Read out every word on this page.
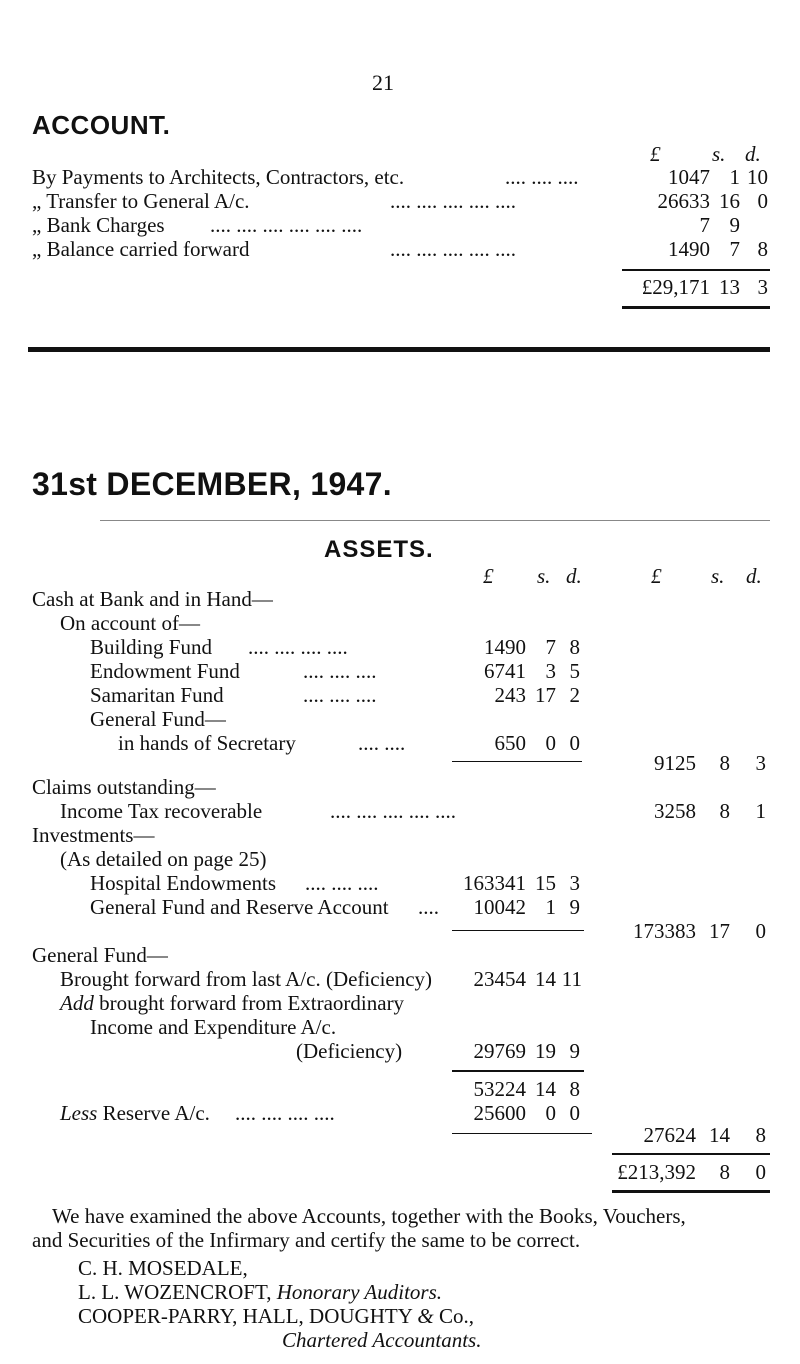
21
ACCOUNT.
£ s. d.
By Payments to Architects, Contractors, etc.	.... .... ....	1047 1 10
„ Transfer to General A/c.	.... .... .... .... ....	26633 16 0
„ Bank Charges .... .... .... .... .... ....	7 9
„ Balance carried forward	.... .... .... .... ....	1490 7 8
£29,171 13 3
31st DECEMBER, 1947.
ASSETS.
£ s. d.	£ s. d.
Cash at Bank and in Hand—
On account of—
Building Fund .... .... .... ....	1490 7 8
Endowment Fund	.... .... ....	6741 3 5
Samaritan Fund	.... .... ....	243 17 2
General Fund—
in hands of Secretary	.... ....	650 0 0
9125	8	3
Claims outstanding—
Income Tax recoverable	.... .... .... .... ....	3258	8	1
Investments—
(As detailed on page 25)
Hospital Endowments .... .... ....	163341 15 3
General Fund and Reserve Account ....	10042 1 9
173383 17	0
General Fund—
Brought forward from last A/c. (Deficiency)	23454 14 11
Add brought forward from Extraordinary
Income and Expenditure A/c.
(Deficiency)	29769 19 9
53224 14 8
Less Reserve A/c. .... .... .... ....	25600 0 0
27624 14	8
£213,392	8	0
We have examined the above Accounts, together with the Books, Vouchers,
and Securities of the Infirmary and certify the same to be correct.
C. H. MOSEDALE,
L. L. WOZENCROFT, Honorary Auditors.
COOPER-PARRY, HALL, DOUGHTY & Co.,
Chartered Accountants.
